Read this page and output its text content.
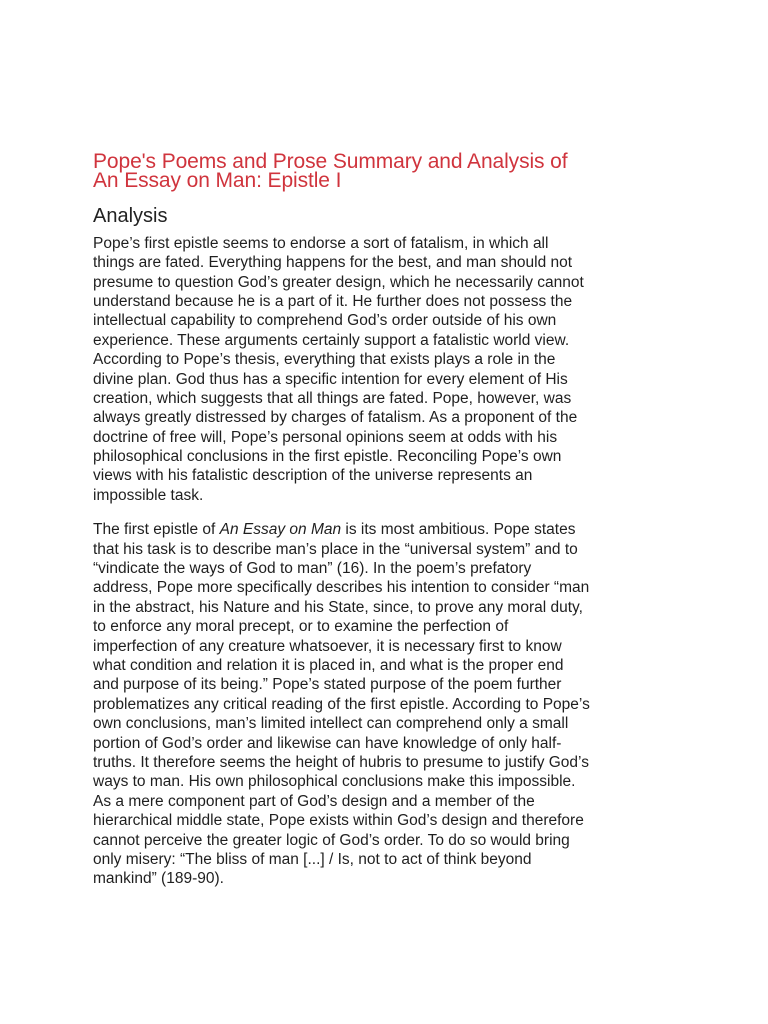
Pope's Poems and Prose Summary and Analysis of
An Essay on Man: Epistle I
Analysis

Pope’s first epistle seems to endorse a sort of fatalism, in which all
things are fated. Everything happens for the best, and man should not
presume to question God’s greater design, which he necessarily cannot
understand because he is a part of it. He further does not possess the
intellectual capability to comprehend God’s order outside of his own
experience. These arguments certainly support a fatalistic world view.
According to Pope’s thesis, everything that exists plays a role in the
divine plan. God thus has a specific intention for every element of His
creation, which suggests that all things are fated. Pope, however, was
always greatly distressed by charges of fatalism. As a proponent of the
doctrine of free will, Pope’s personal opinions seem at odds with his
philosophical conclusions in the first epistle. Reconciling Pope’s own
views with his fatalistic description of the universe represents an
impossible task.

The first epistle of An Essay on Man is its most ambitious. Pope states
that his task is to describe man’s place in the “universal system” and to
“vindicate the ways of God to man” (16). In the poem’s prefatory
address, Pope more specifically describes his intention to consider “man
in the abstract, his Nature and his State, since, to prove any moral duty,
to enforce any moral precept, or to examine the perfection of
imperfection of any creature whatsoever, it is necessary first to know
what condition and relation it is placed in, and what is the proper end
and purpose of its being.” Pope’s stated purpose of the poem further
problematizes any critical reading of the first epistle. According to Pope’s
own conclusions, man’s limited intellect can comprehend only a small
portion of God’s order and likewise can have knowledge of only half-
truths. It therefore seems the height of hubris to presume to justify God’s
ways to man. His own philosophical conclusions make this impossible.
As a mere component part of God’s design and a member of the
hierarchical middle state, Pope exists within God’s design and therefore
cannot perceive the greater logic of God’s order. To do so would bring
only misery: “The bliss of man [...] / Is, not to act of think beyond
mankind” (189-90).
